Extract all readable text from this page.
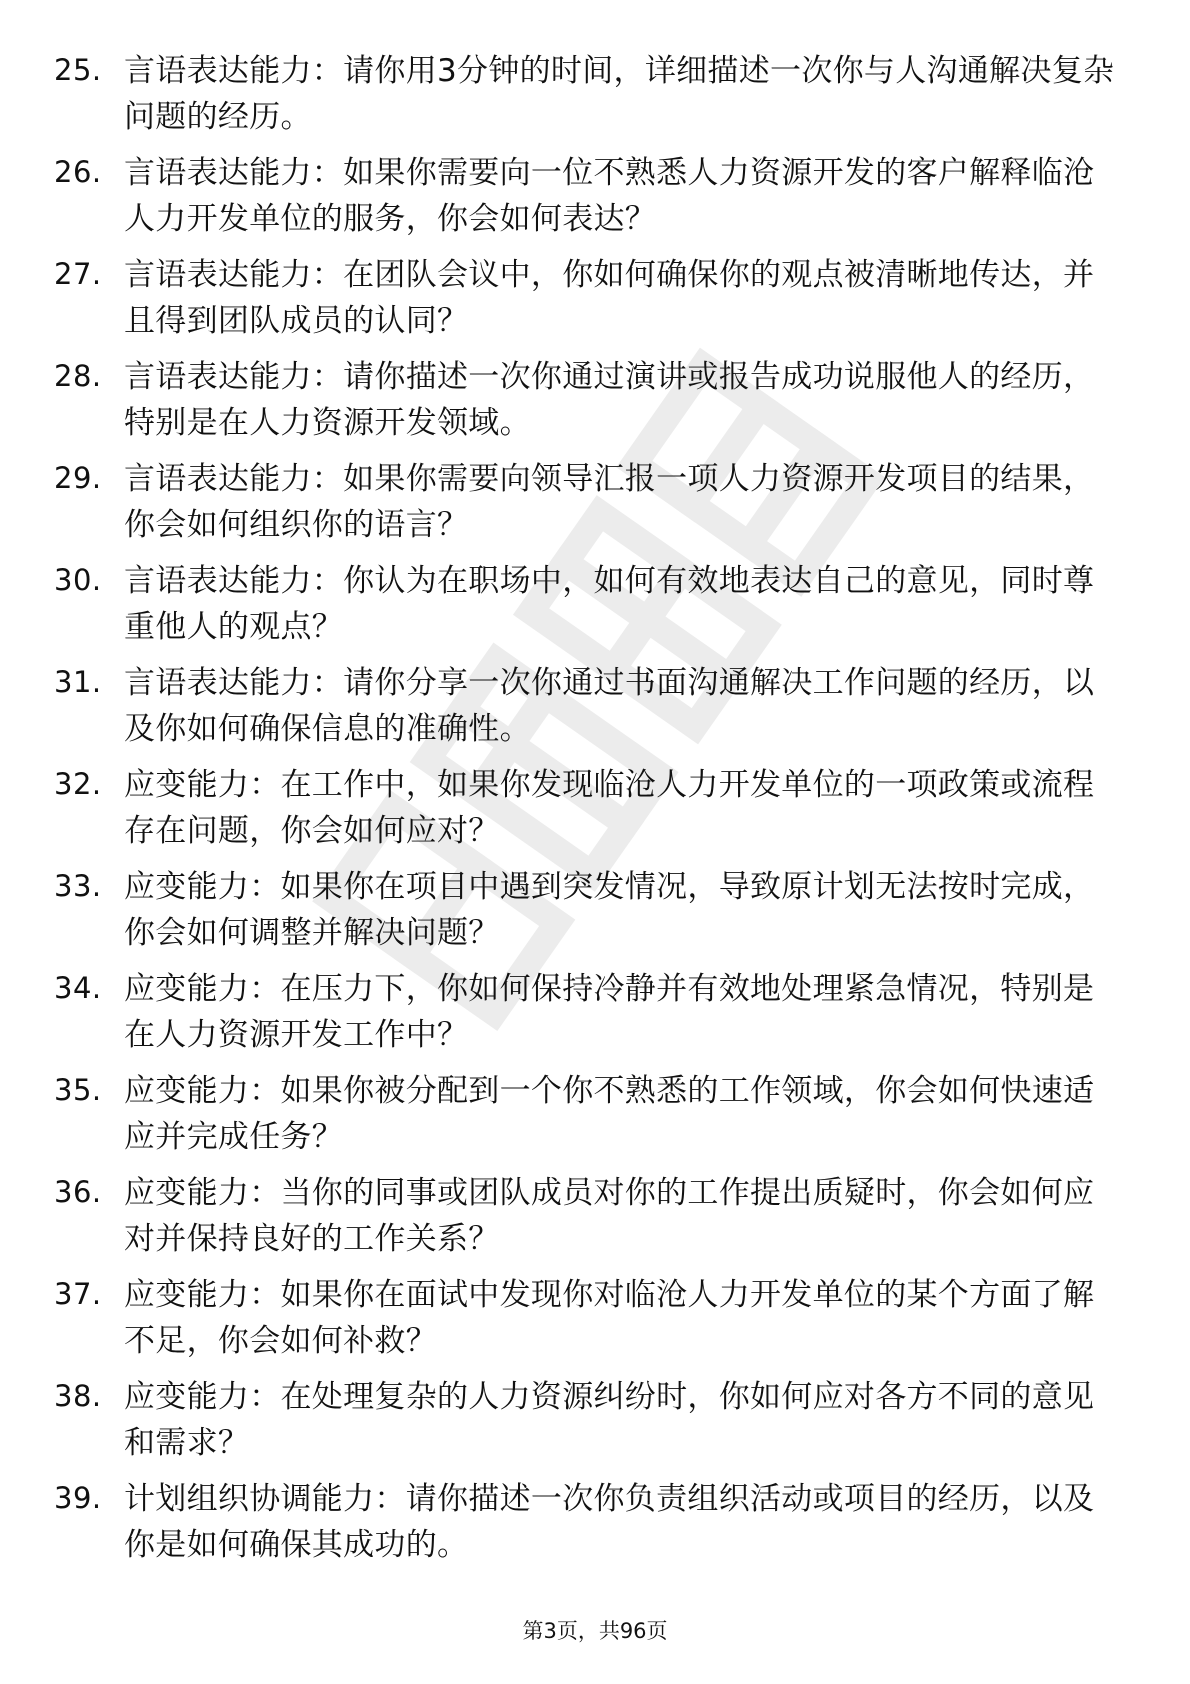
25. 言语表达能力：请你用3分钟的时间，详细描述一次你与人沟通解决复杂问题的经历。
26. 言语表达能力：如果你需要向一位不熟悉人力资源开发的客户解释临沧人力开发单位的服务，你会如何表达？
27. 言语表达能力：在团队会议中，你如何确保你的观点被清晰地传达，并且得到团队成员的认同？
28. 言语表达能力：请你描述一次你通过演讲或报告成功说服他人的经历，特别是在人力资源开发领域。
29. 言语表达能力：如果你需要向领导汇报一项人力资源开发项目的结果，你会如何组织你的语言？
30. 言语表达能力：你认为在职场中，如何有效地表达自己的意见，同时尊重他人的观点？
31. 言语表达能力：请你分享一次你通过书面沟通解决工作问题的经历，以及你如何确保信息的准确性。
32. 应变能力：在工作中，如果你发现临沧人力开发单位的一项政策或流程存在问题，你会如何应对？
33. 应变能力：如果你在项目中遇到突发情况，导致原计划无法按时完成，你会如何调整并解决问题？
34. 应变能力：在压力下，你如何保持冷静并有效地处理紧急情况，特别是在人力资源开发工作中？
35. 应变能力：如果你被分配到一个你不熟悉的工作领域，你会如何快速适应并完成任务？
36. 应变能力：当你的同事或团队成员对你的工作提出质疑时，你会如何应对并保持良好的工作关系？
37. 应变能力：如果你在面试中发现你对临沧人力开发单位的某个方面了解不足，你会如何补救？
38. 应变能力：在处理复杂的人力资源纠纷时，你如何应对各方不同的意见和需求？
39. 计划组织协调能力：请你描述一次你负责组织活动或项目的经历，以及你是如何确保其成功的。
第3页，共96页
